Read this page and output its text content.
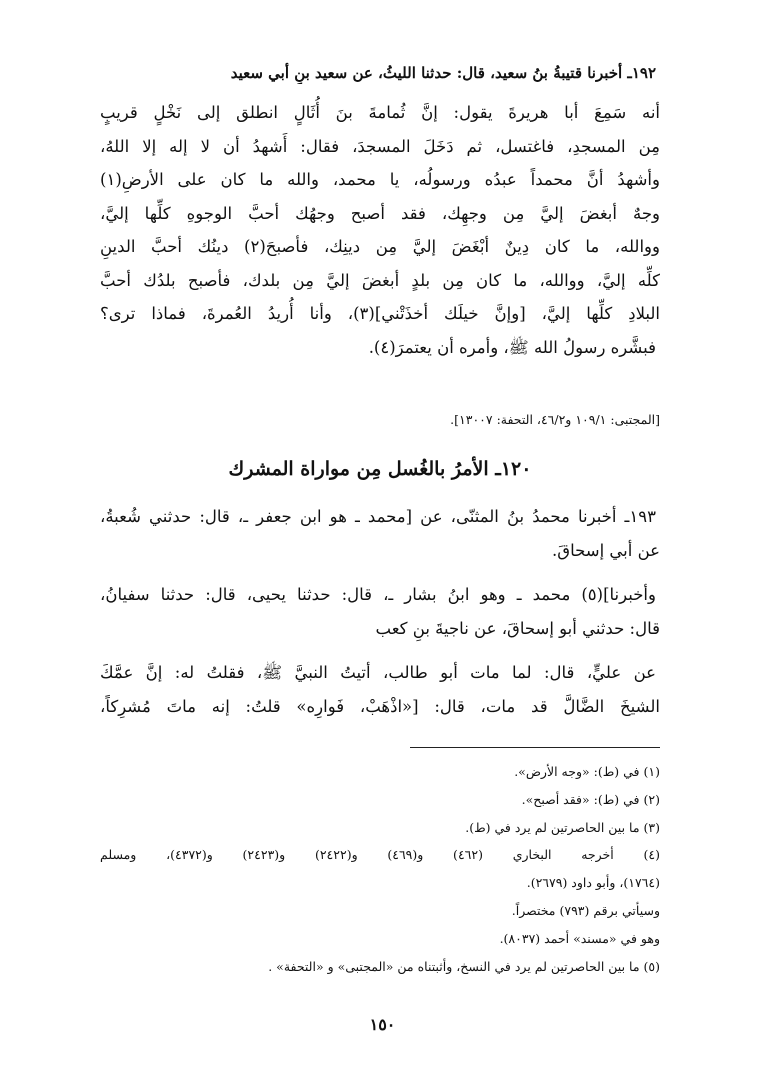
١٩٢ـ أخبرنا قتيبةُ بنُ سعيد، قال: حدثنا الليثُ، عن سعيد بنِ أبي سعيد
أنه سَمِعَ أبا هريرةَ يقول: إنَّ ثُمامةَ بنَ أُثَالٍ انطلق إلى نَخْلٍ قريبٍ
مِن المسجدِ، فاغتسل، ثم دَخَلَ المسجدَ، فقال: أَشهدُ أن لا إله إلا اللهُ،
وأشهدُ أنَّ محمداً عبدُه ورسولُه، يا محمد، والله ما كان على الأرضِ(١)
وجهٌ أبغضَ إليَّ مِن وجهِك، فقد أصبح وجهُك أحبَّ الوجوهِ كلِّها إليَّ،
ووالله، ما كان دِينٌ أبْغَضَ إليَّ مِن دينِك، فأصبحَ(٢) دينُك أحبَّ الدينِ
كلِّه إليَّ، ووالله، ما كان مِن بلدٍ أبغضَ إليَّ مِن بلدك، فأصبح بلدُك أحبَّ
البلادِ كلِّها إليَّ، [وإنَّ خيلَك أخذَتْني](٣)، وأنا أُريدُ العُمرةَ، فماذا ترى؟
فبشَّره رسولُ الله ﷺ، وأمره أن يعتمرَ(٤).
[المجتبى: ١٠٩/١ و٤٦/٢، التحفة: ١٣٠٠٧].
١٢٠ـ الأمرُ بالغُسل مِن مواراة المشرك
١٩٣ـ أخبرنا محمدُ بنُ المثنّى، عن [محمد ـ هو ابن جعفر ـ، قال: حدثني شُعبةُ،
عن أبي إسحاقَ.
وأخبرنا](٥) محمد ـ وهو ابنُ بشار ـ، قال: حدثنا يحيى، قال: حدثنا سفيانُ،
قال: حدثني أبو إسحاقَ، عن ناجيةَ بنِ كعب
عن عليٍّ، قال: لما مات أبو طالب، أتيتُ النبيَّ ﷺ، فقلتُ له: إنَّ عمَّكَ
الشيخَ الضَّالَّ قد مات، قال: [«اذْهَبْ، فَوارِه» قلتُ: إنه ماتَ مُشرِكاً،
(١) في (ط): «وجه الأرض».
(٢) في (ط): «فقد أصبح».
(٣) ما بين الحاصرتين لم يرد في (ط).
(٤) أخرجه البخاري (٤٦٢) و(٤٦٩) و(٢٤٢٢) و(٢٤٢٣) و(٤٣٧٢)، ومسلم
(١٧٦٤)، وأبو داود (٢٦٧٩).
وسيأتي برقم (٧٩٣) مختصراً.
وهو في «مسند» أحمد (٨٠٣٧).
(٥) ما بين الحاصرتين لم يرد في النسخ، وأثبتناه من «المجتبى» و «التحفة» .
١٥٠
